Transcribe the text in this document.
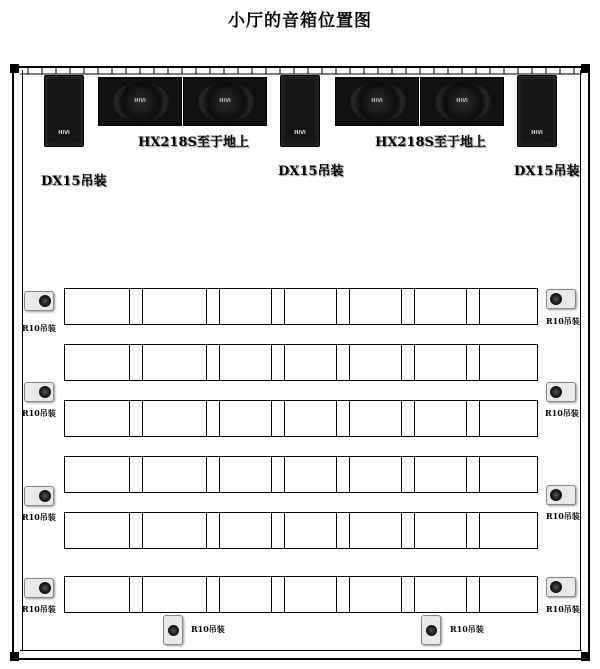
小厅的音箱位置图
HiVi	HiVi	HiVi
HiVi	HiVi	HiVi	HiVi
HX218S至于地上	HX218S至于地上
DX15吊装
DX15吊装	DX15吊装
R10吊装
R10吊装
R10吊装
R10吊装
R10吊装
R10吊装
R10吊装
R10吊装
R10吊装	R10吊装
